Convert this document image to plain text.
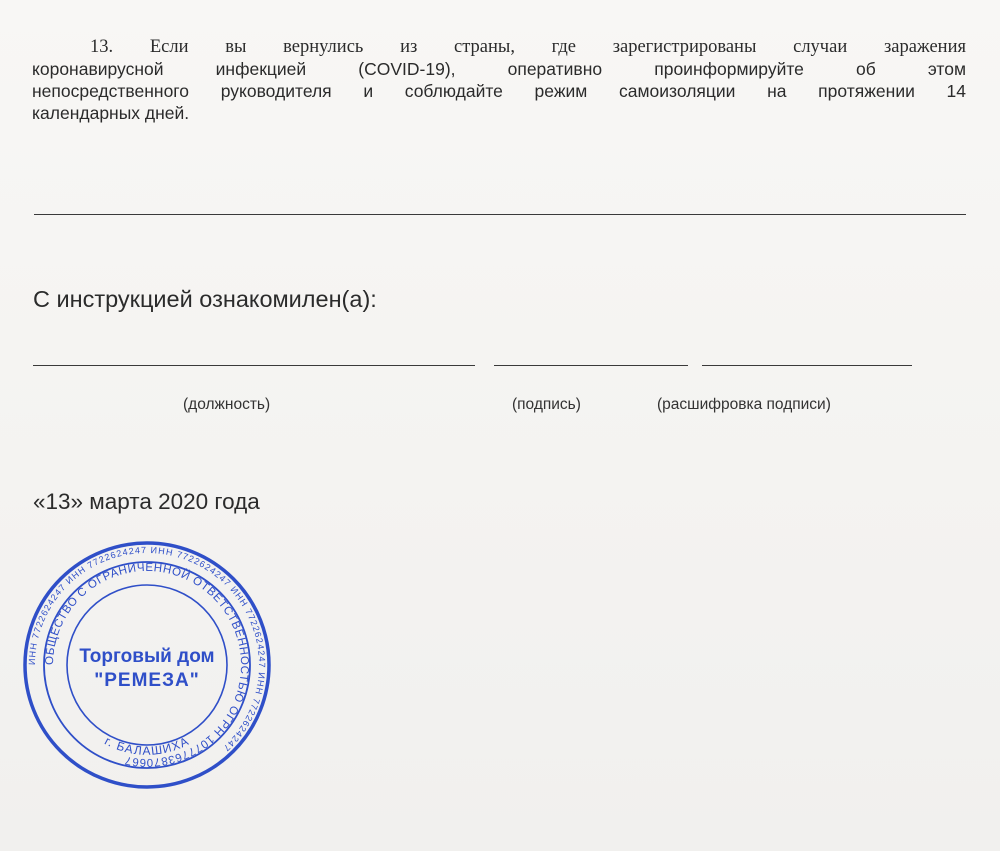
13. Если вы вернулись из страны, где зарегистрированы случаи заражения
коронавирусной инфекцией (COVID-19), оперативно проинформируйте об этом
непосредственного руководителя и соблюдайте режим самоизоляции на протяжении 14
календарных дней.
С инструкцией ознакомилен(а):
(должность)	(подпись)	(расшифровка подписи)
«13» марта 2020 года
ИНН 7722624247 ИНН 7722624247 ИНН 7722624247 ИНН 7722624247 ИНН 7722624247
ОБЩЕСТВО С ОГРАНИЧЕННОЙ ОТВЕТСТВЕННОСТЬЮ ОГРН 1077763870667
г. БАЛАШИХА
Торговый дом
"РЕМЕЗА"
